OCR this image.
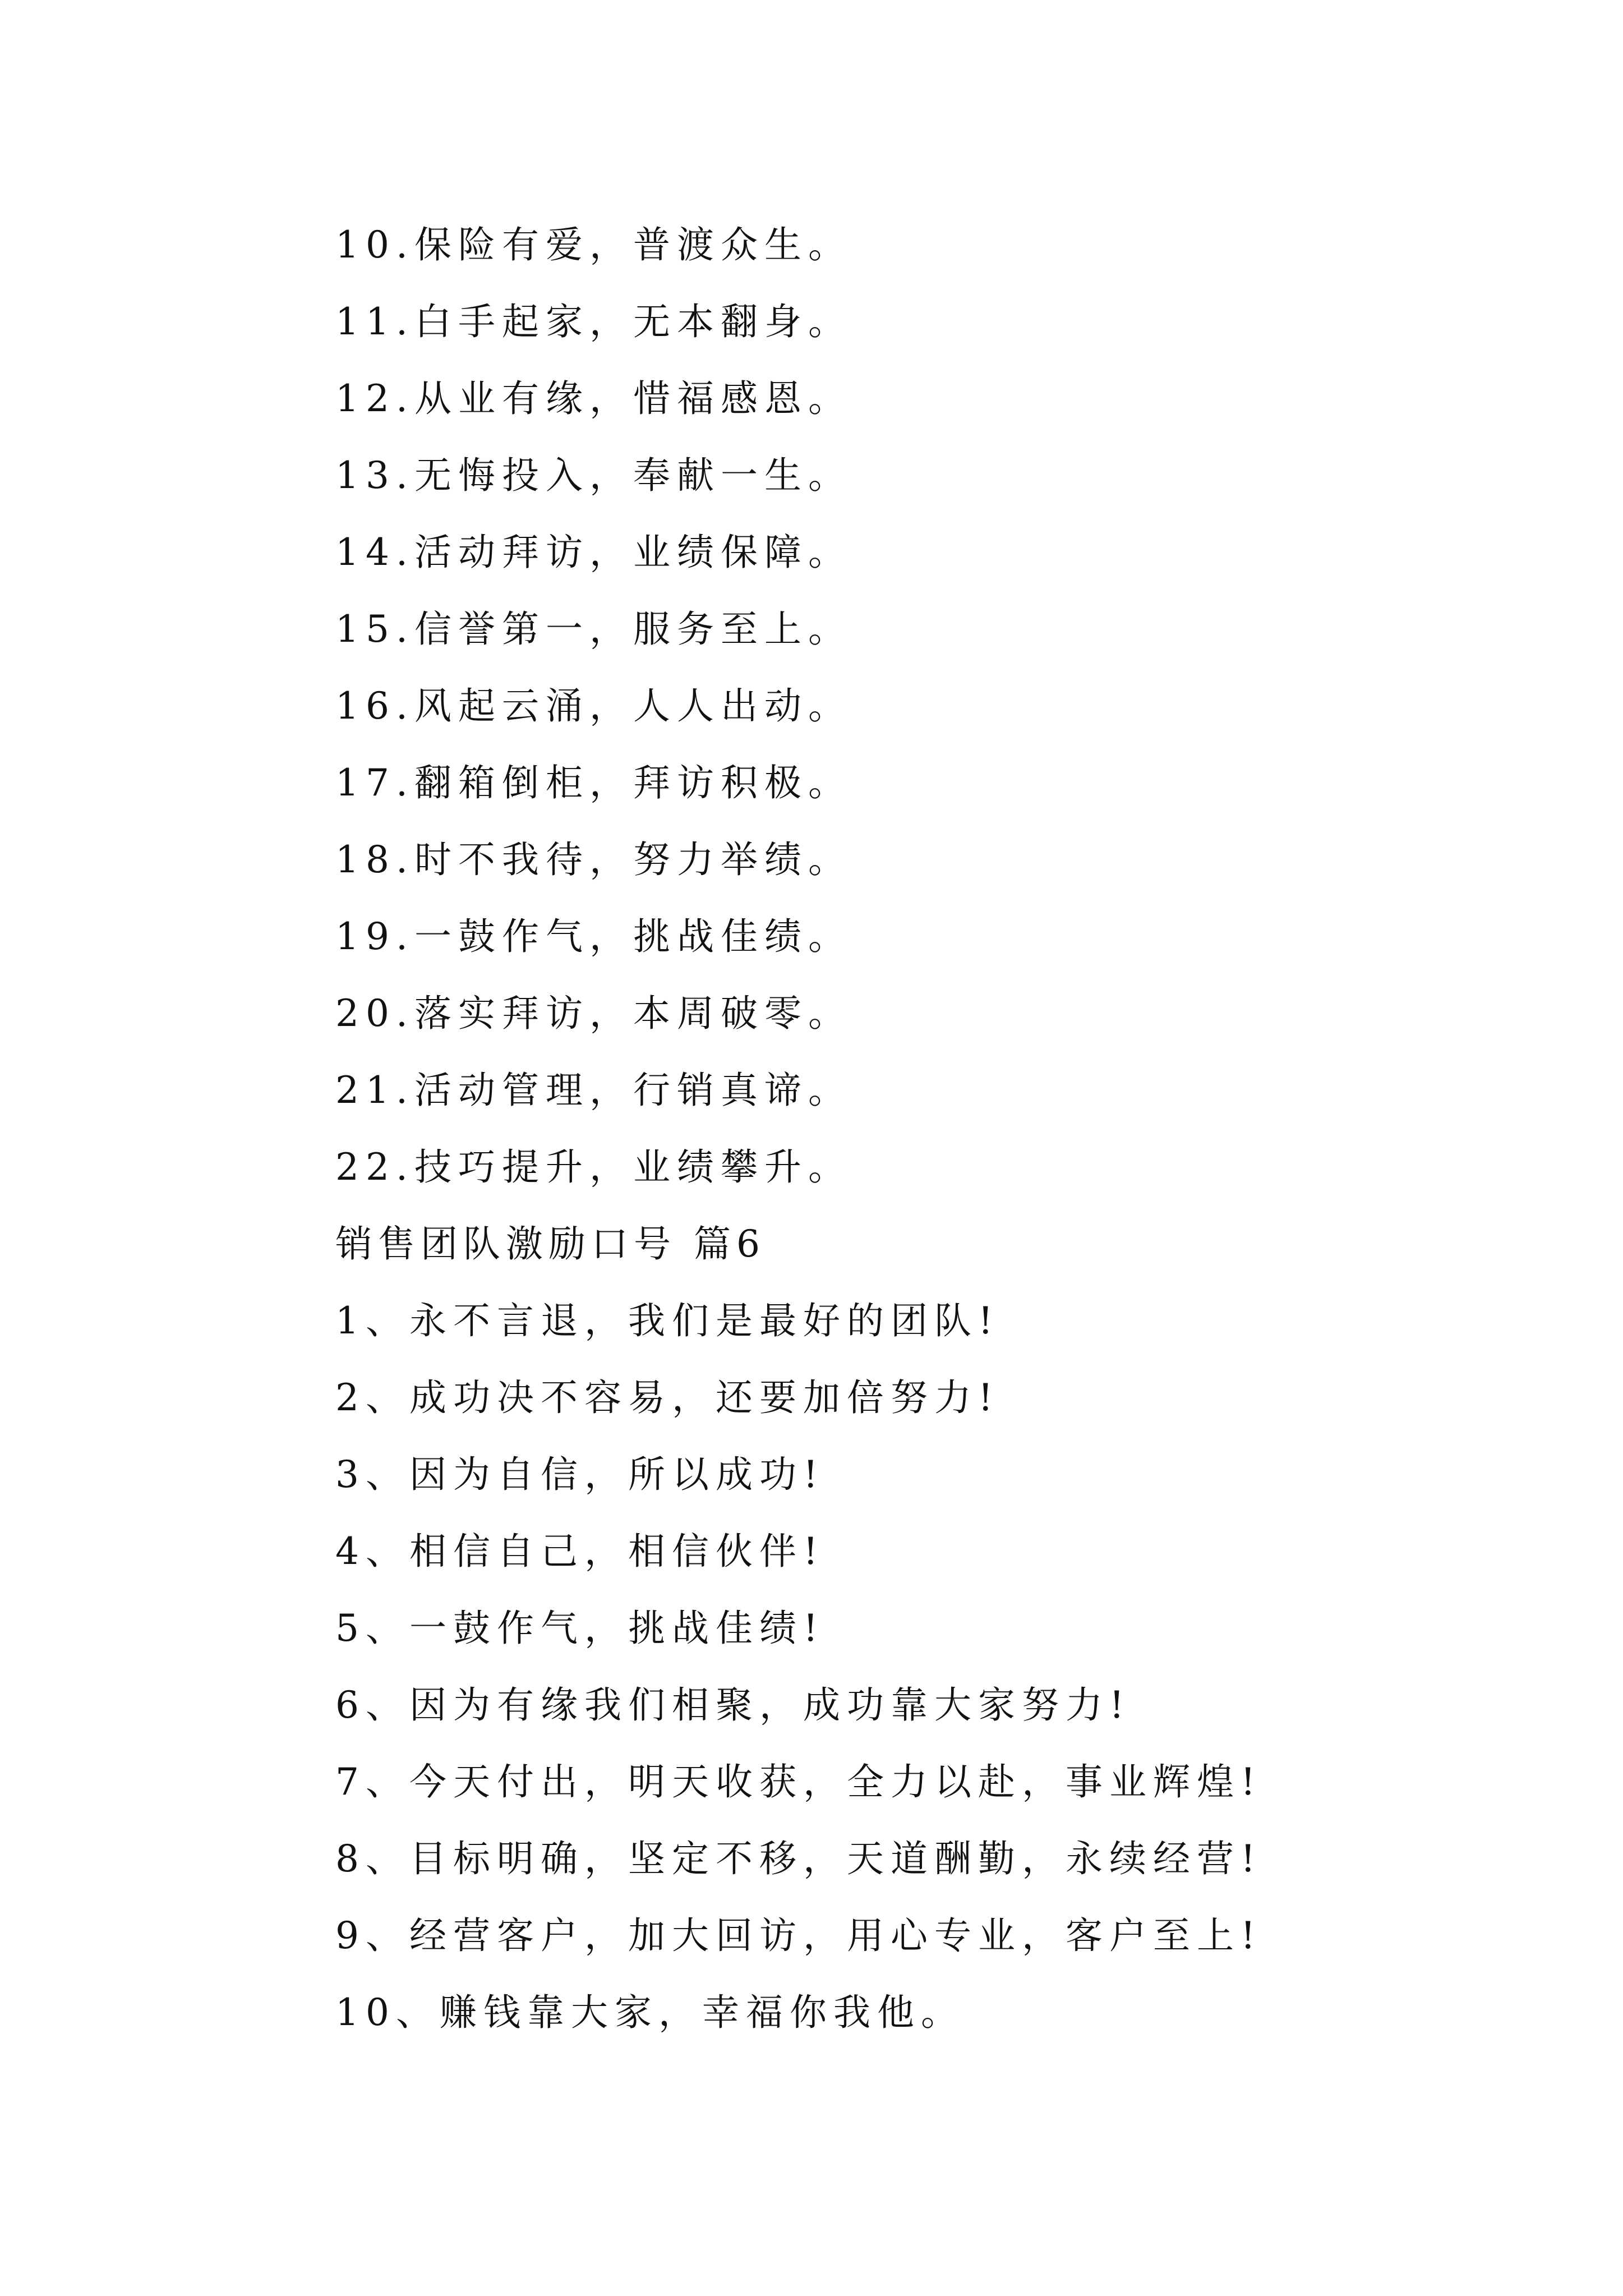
10.保险有爱，普渡众生。
11.白手起家，无本翻身。
12.从业有缘，惜福感恩。
13.无悔投入，奉献一生。
14.活动拜访，业绩保障。
15.信誉第一，服务至上。
16.风起云涌，人人出动。
17.翻箱倒柜，拜访积极。
18.时不我待，努力举绩。
19.一鼓作气，挑战佳绩。
20.落实拜访，本周破零。
21.活动管理，行销真谛。
22.技巧提升，业绩攀升。
销售团队激励口号 篇6
1、永不言退，我们是最好的团队!
2、成功决不容易，还要加倍努力!
3、因为自信，所以成功!
4、相信自己，相信伙伴!
5、一鼓作气，挑战佳绩!
6、因为有缘我们相聚，成功靠大家努力!
7、今天付出，明天收获，全力以赴，事业辉煌!
8、目标明确，坚定不移，天道酬勤，永续经营!
9、经营客户，加大回访，用心专业，客户至上!
10、赚钱靠大家，幸福你我他。
